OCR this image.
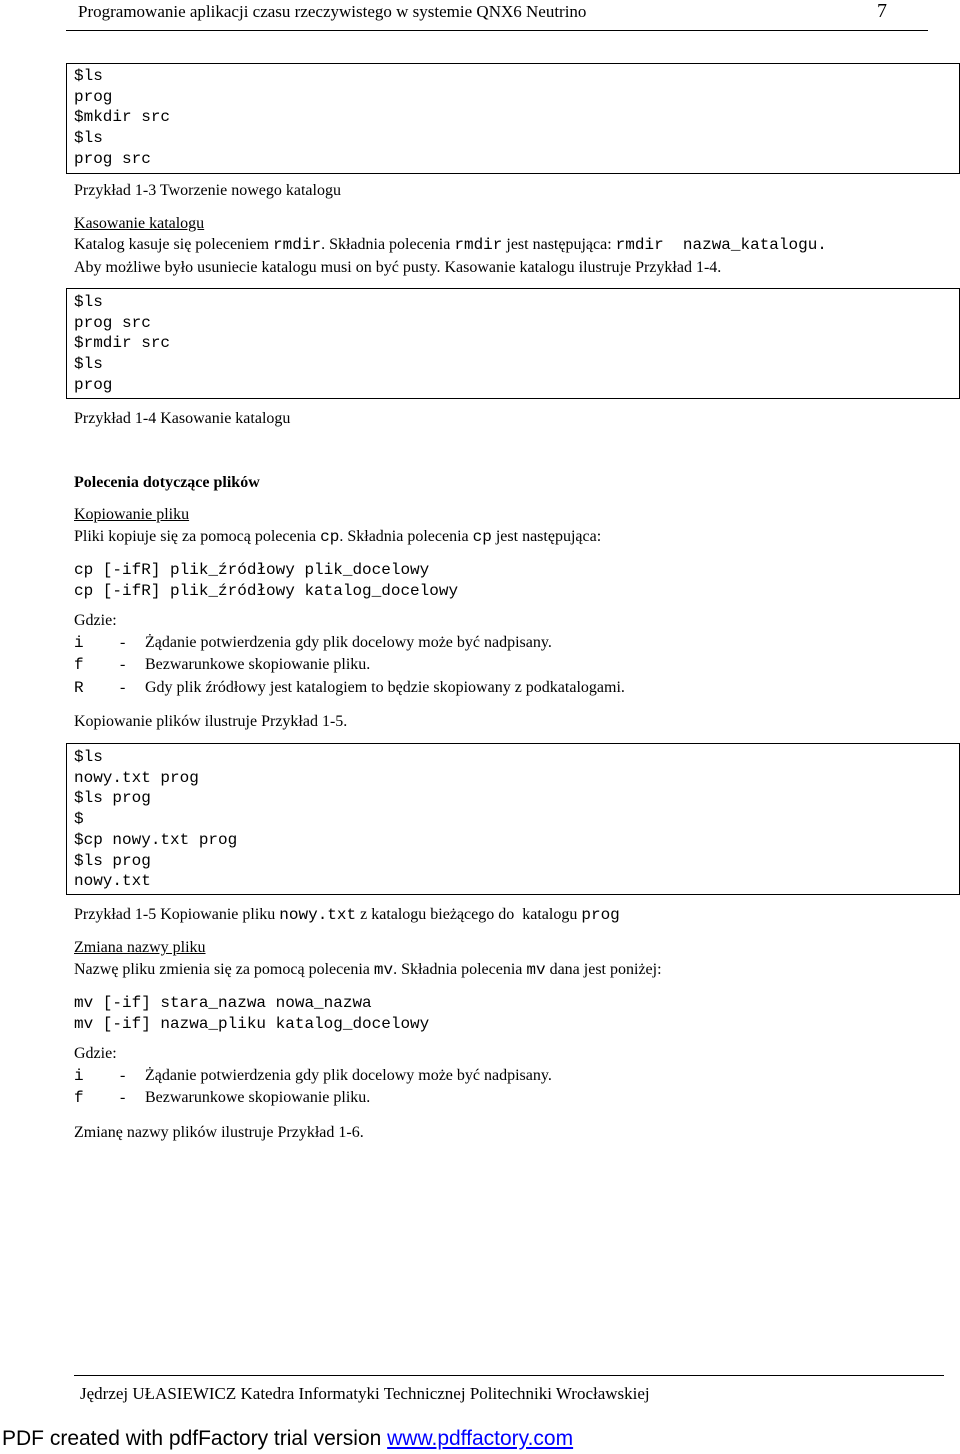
Programowanie aplikacji czasu rzeczywistego w systemie QNX6 Neutrino	7
$ls
prog
$mkdir src
$ls
prog src
Przykład 1-3 Tworzenie nowego katalogu
Kasowanie katalogu
Katalog kasuje się poleceniem rmdir. Składnia polecenia rmdir jest następująca: rmdir  nazwa_katalogu.
Aby możliwe było usuniecie katalogu musi on być pusty. Kasowanie katalogu ilustruje Przykład 1-4.
$ls
prog src
$rmdir src
$ls
prog
Przykład 1-4 Kasowanie katalogu
Polecenia dotyczące plików
Kopiowanie pliku
Pliki kopiuje się za pomocą polecenia cp. Składnia polecenia cp jest następująca:
cp [-ifR] plik_źródłowy plik_docelowy
cp [-ifR] plik_źródłowy katalog_docelowy
Gdzie:
i - Żądanie potwierdzenia gdy plik docelowy może być nadpisany.
f - Bezwarunkowe skopiowanie pliku.
R - Gdy plik źródłowy jest katalogiem to będzie skopiowany z podkatalogami.
Kopiowanie plików ilustruje Przykład 1-5.
$ls
nowy.txt prog
$ls prog
$
$cp nowy.txt prog
$ls prog
nowy.txt
Przykład 1-5 Kopiowanie pliku nowy.txt z katalogu bieżącego do  katalogu prog
Zmiana nazwy pliku
Nazwę pliku zmienia się za pomocą polecenia mv. Składnia polecenia mv dana jest poniżej:
mv [-if] stara_nazwa nowa_nazwa
mv [-if] nazwa_pliku katalog_docelowy
Gdzie:
i - Żądanie potwierdzenia gdy plik docelowy może być nadpisany.
f - Bezwarunkowe skopiowanie pliku.
Zmianę nazwy plików ilustruje Przykład 1-6.
Jędrzej UŁASIEWICZ Katedra Informatyki Technicznej Politechniki Wrocławskiej
PDF created with pdfFactory trial version www.pdffactory.com
